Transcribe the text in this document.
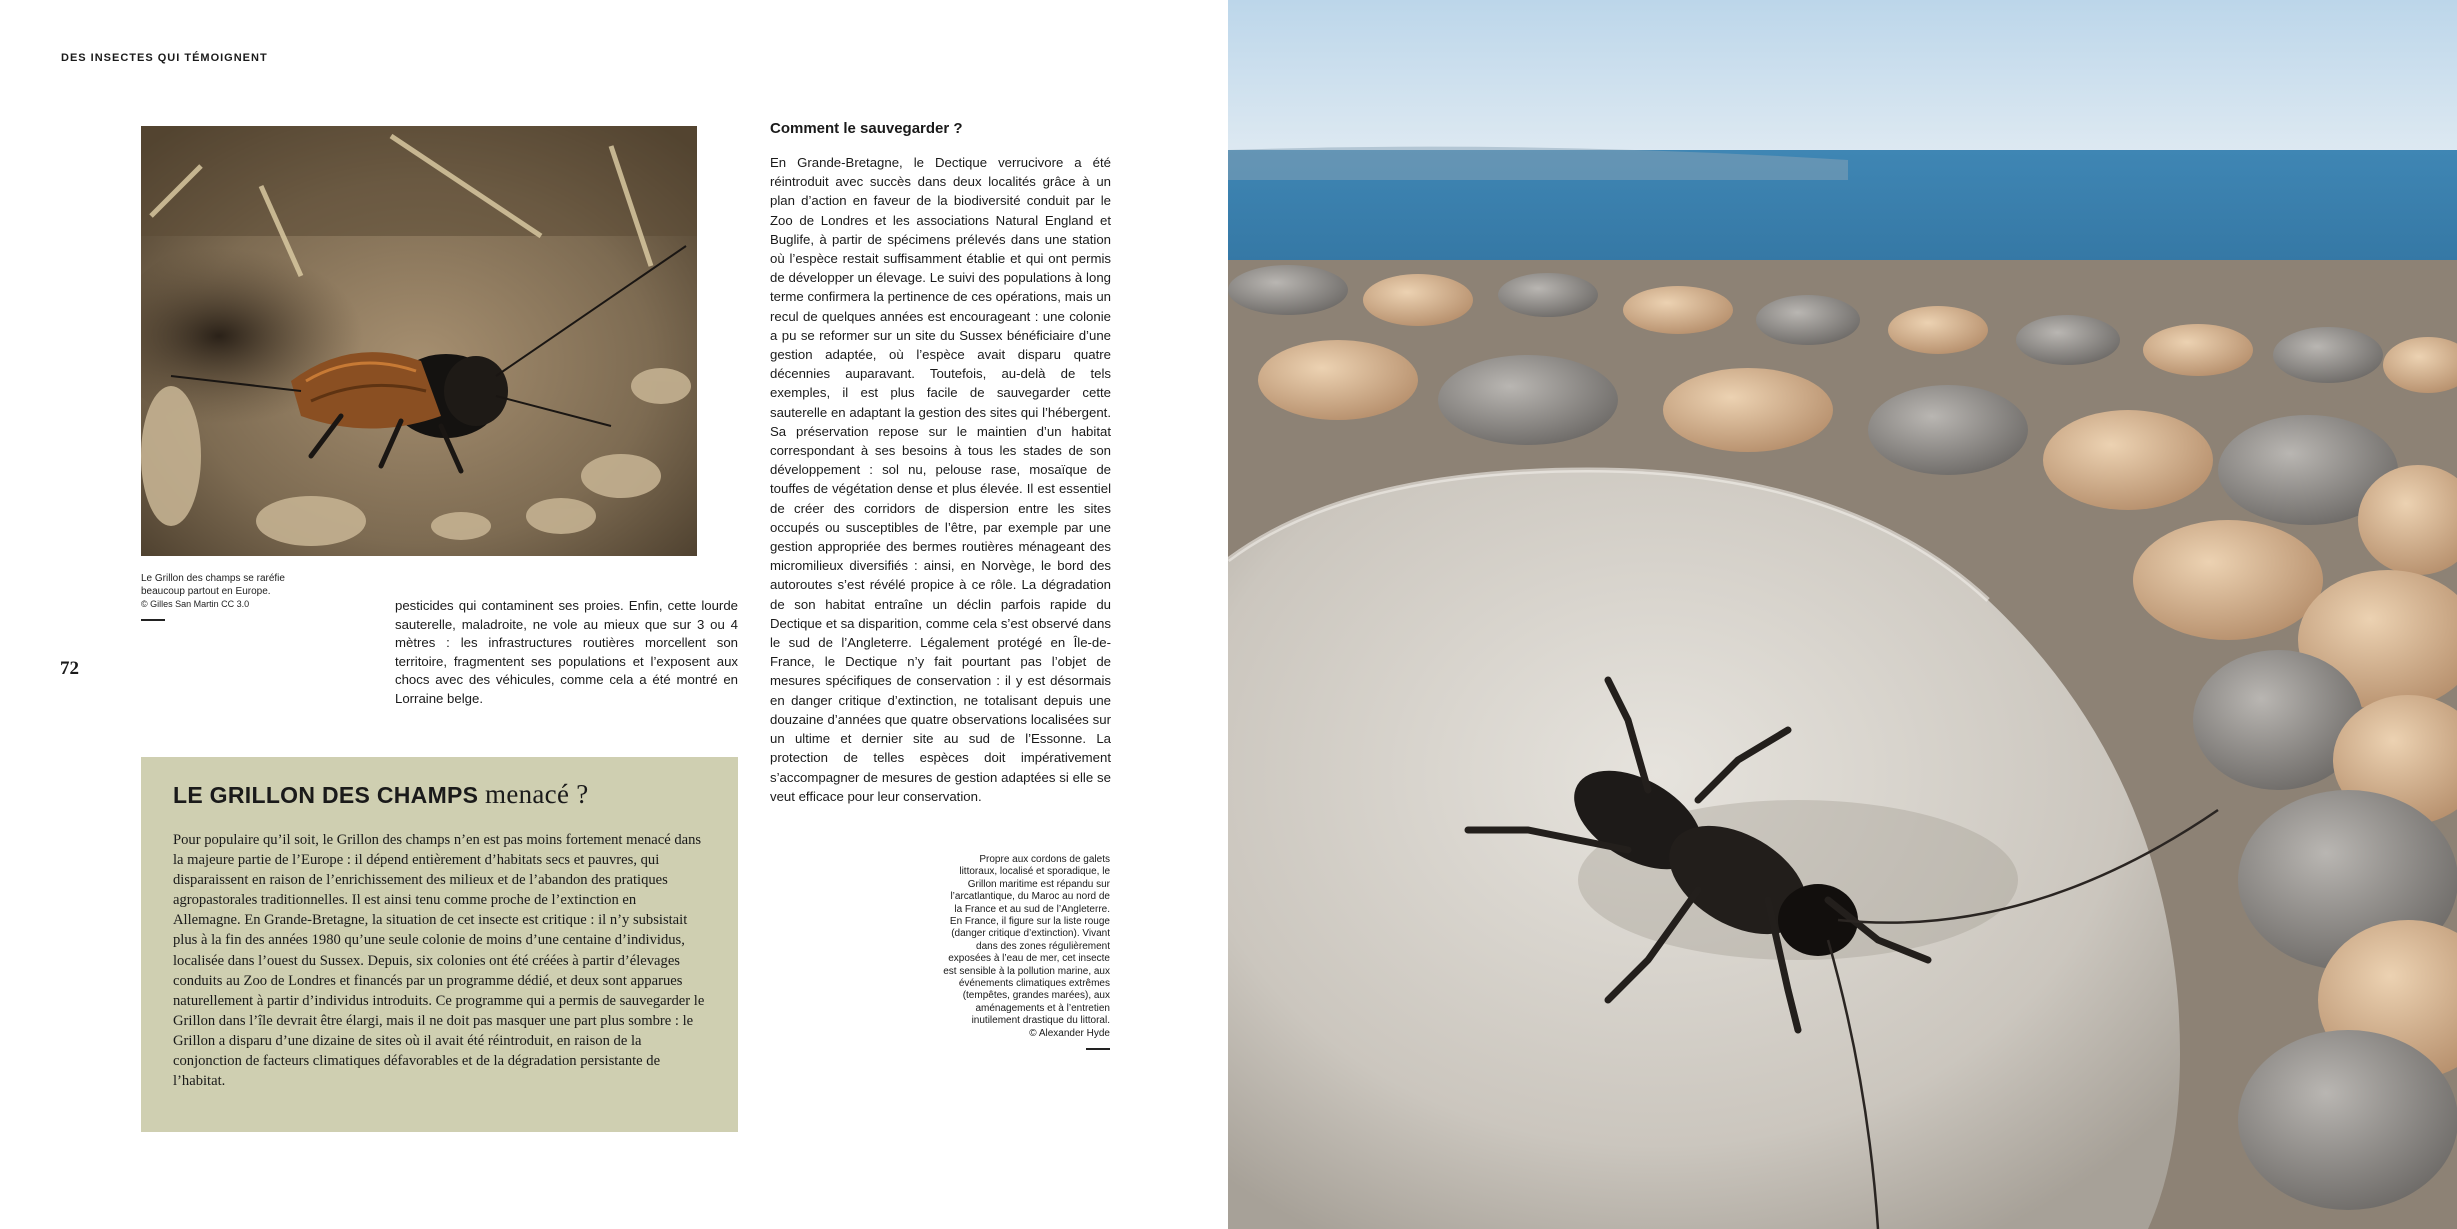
DES INSECTES QUI TÉMOIGNENT
Le Grillon des champs se raréfie beaucoup partout en Europe.
© Gilles San Martin CC 3.0
72
pesticides qui contaminent ses proies. Enfin, cette lourde sauterelle, maladroite, ne vole au mieux que sur 3 ou 4 mètres : les infrastructures routières morcellent son territoire, fragmentent ses populations et l’exposent aux chocs avec des véhicules, comme cela a été montré en Lorraine belge.
LE GRILLON DES CHAMPS menacé ?
Pour populaire qu’il soit, le Grillon des champs n’en est pas moins fortement menacé dans la majeure partie de l’Europe : il dépend entièrement d’habitats secs et pauvres, qui disparaissent en raison de l’enrichissement des milieux et de l’abandon des pratiques agropastorales traditionnelles. Il est ainsi tenu comme proche de l’extinction en Allemagne. En Grande-Bretagne, la situation de cet insecte est critique : il n’y subsistait plus à la fin des années 1980 qu’une seule colonie de moins d’une centaine d’individus, localisée dans l’ouest du Sussex. Depuis, six colonies ont été créées à partir d’élevages conduits au Zoo de Londres et financés par un programme dédié, et deux sont apparues naturellement à partir d’individus introduits. Ce programme qui a permis de sauvegarder le Grillon dans l’île devrait être élargi, mais il ne doit pas masquer une part plus sombre : le Grillon a disparu d’une dizaine de sites où il avait été réintroduit, en raison de la conjonction de facteurs climatiques défavorables et de la dégradation persistante de l’habitat.
Comment le sauvegarder ?
En Grande-Bretagne, le Dectique verrucivore a été réintroduit avec succès dans deux localités grâce à un plan d’action en faveur de la biodiversité conduit par le Zoo de Londres et les associations Natural England et Buglife, à partir de spécimens prélevés dans une station où l’espèce restait suffisamment établie et qui ont permis de développer un élevage. Le suivi des populations à long terme confirmera la pertinence de ces opérations, mais un recul de quelques années est encourageant : une colonie a pu se reformer sur un site du Sussex bénéficiaire d’une gestion adaptée, où l’espèce avait disparu quatre décennies auparavant. Toutefois, au-delà de tels exemples, il est plus facile de sauvegarder cette sauterelle en adaptant la gestion des sites qui l’hébergent. Sa préservation repose sur le maintien d’un habitat correspondant à ses besoins à tous les stades de son développement : sol nu, pelouse rase, mosaïque de touffes de végétation dense et plus élevée. Il est essentiel de créer des corridors de dispersion entre les sites occupés ou susceptibles de l’être, par exemple par une gestion appropriée des bermes routières ménageant des micromilieux diversifiés : ainsi, en Norvège, le bord des autoroutes s’est révélé propice à ce rôle. La dégradation de son habitat entraîne un déclin parfois rapide du Dectique et sa disparition, comme cela s’est observé dans le sud de l’Angleterre. Légalement protégé en Île-de-France, le Dectique n’y fait pourtant pas l’objet de mesures spécifiques de conservation : il y est désormais en danger critique d’extinction, ne totalisant depuis une douzaine d’années que quatre observations localisées sur un ultime et dernier site au sud de l’Essonne. La protection de telles espèces doit impérativement s’accompagner de mesures de gestion adaptées si elle se veut efficace pour leur conservation.
Propre aux cordons de galets littoraux, localisé et sporadique, le Grillon maritime est répandu sur l’arcatlantique, du Maroc au nord de la France et au sud de l’Angleterre. En France, il figure sur la liste rouge (danger critique d’extinction). Vivant dans des zones régulièrement exposées à l’eau de mer, cet insecte est sensible à la pollution marine, aux événements climatiques extrêmes (tempêtes, grandes marées), aux aménagements et à l’entretien inutilement drastique du littoral.
© Alexander Hyde
